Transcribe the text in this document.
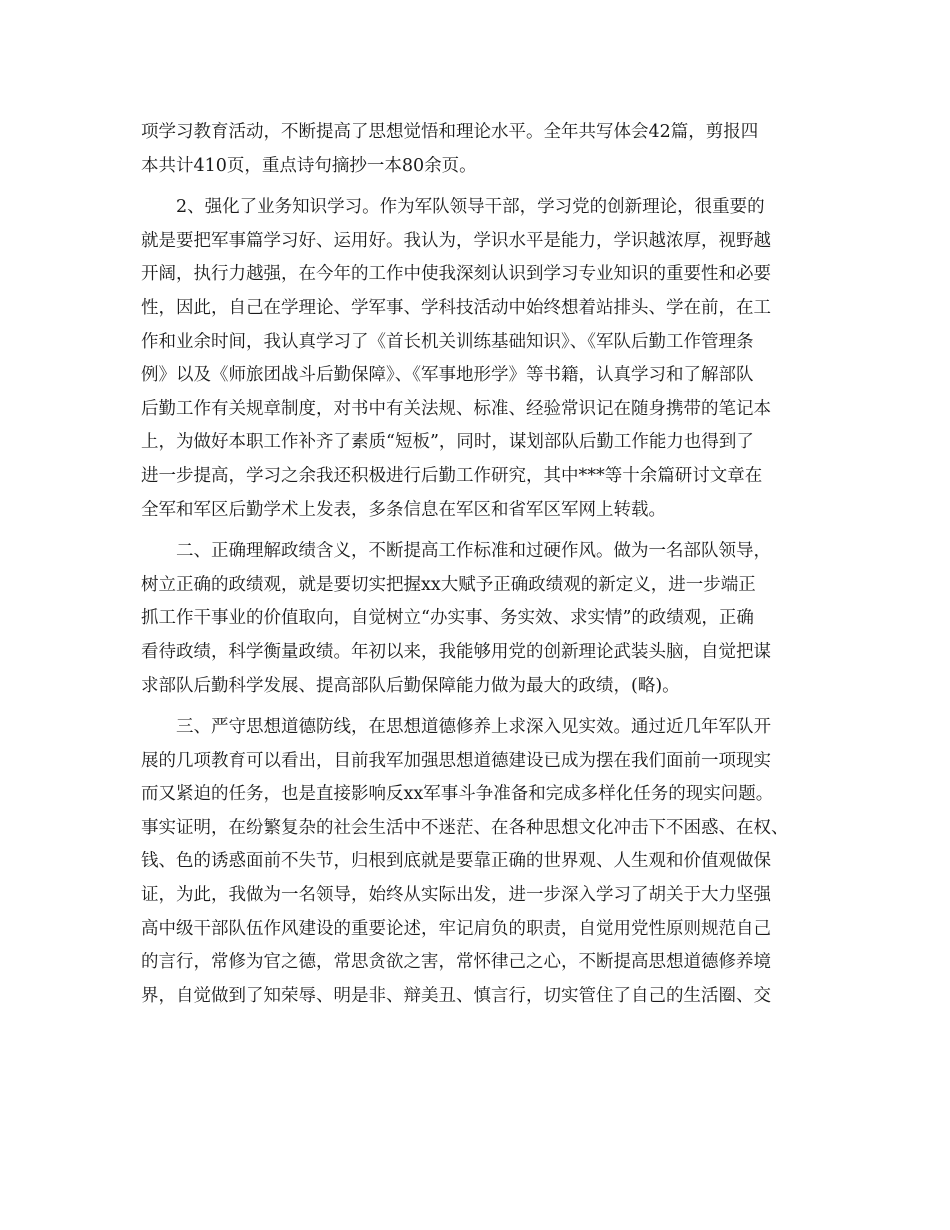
项学习教育活动，不断提高了思想觉悟和理论水平。全年共写体会42篇，剪报四
本共计410页，重点诗句摘抄一本80余页。
　　2、强化了业务知识学习。作为军队领导干部，学习党的创新理论，很重要的
就是要把军事篇学习好、运用好。我认为，学识水平是能力，学识越浓厚，视野越
开阔，执行力越强，在今年的工作中使我深刻认识到学习专业知识的重要性和必要
性，因此，自己在学理论、学军事、学科技活动中始终想着站排头、学在前，在工
作和业余时间，我认真学习了《首长机关训练基础知识》、《军队后勤工作管理条
例》以及《师旅团战斗后勤保障》、《军事地形学》等书籍，认真学习和了解部队
后勤工作有关规章制度，对书中有关法规、标准、经验常识记在随身携带的笔记本
上，为做好本职工作补齐了素质“短板”，同时，谋划部队后勤工作能力也得到了
进一步提高，学习之余我还积极进行后勤工作研究，其中***等十余篇研讨文章在
全军和军区后勤学术上发表，多条信息在军区和省军区军网上转载。
　　二、正确理解政绩含义，不断提高工作标准和过硬作风。做为一名部队领导，
树立正确的政绩观，就是要切实把握xx大赋予正确政绩观的新定义，进一步端正
抓工作干事业的价值取向，自觉树立“办实事、务实效、求实情”的政绩观，正确
看待政绩，科学衡量政绩。年初以来，我能够用党的创新理论武装头脑，自觉把谋
求部队后勤科学发展、提高部队后勤保障能力做为最大的政绩，(略)。
　　三、严守思想道德防线，在思想道德修养上求深入见实效。通过近几年军队开
展的几项教育可以看出，目前我军加强思想道德建设已成为摆在我们面前一项现实
而又紧迫的任务，也是直接影响反xx军事斗争准备和完成多样化任务的现实问题。
事实证明，在纷繁复杂的社会生活中不迷茫、在各种思想文化冲击下不困惑、在权、
钱、色的诱惑面前不失节，归根到底就是要靠正确的世界观、人生观和价值观做保
证，为此，我做为一名领导，始终从实际出发，进一步深入学习了胡关于大力坚强
高中级干部队伍作风建设的重要论述，牢记肩负的职责，自觉用党性原则规范自己
的言行，常修为官之德，常思贪欲之害，常怀律己之心，不断提高思想道德修养境
界，自觉做到了知荣辱、明是非、辩美丑、慎言行，切实管住了自己的生活圈、交
